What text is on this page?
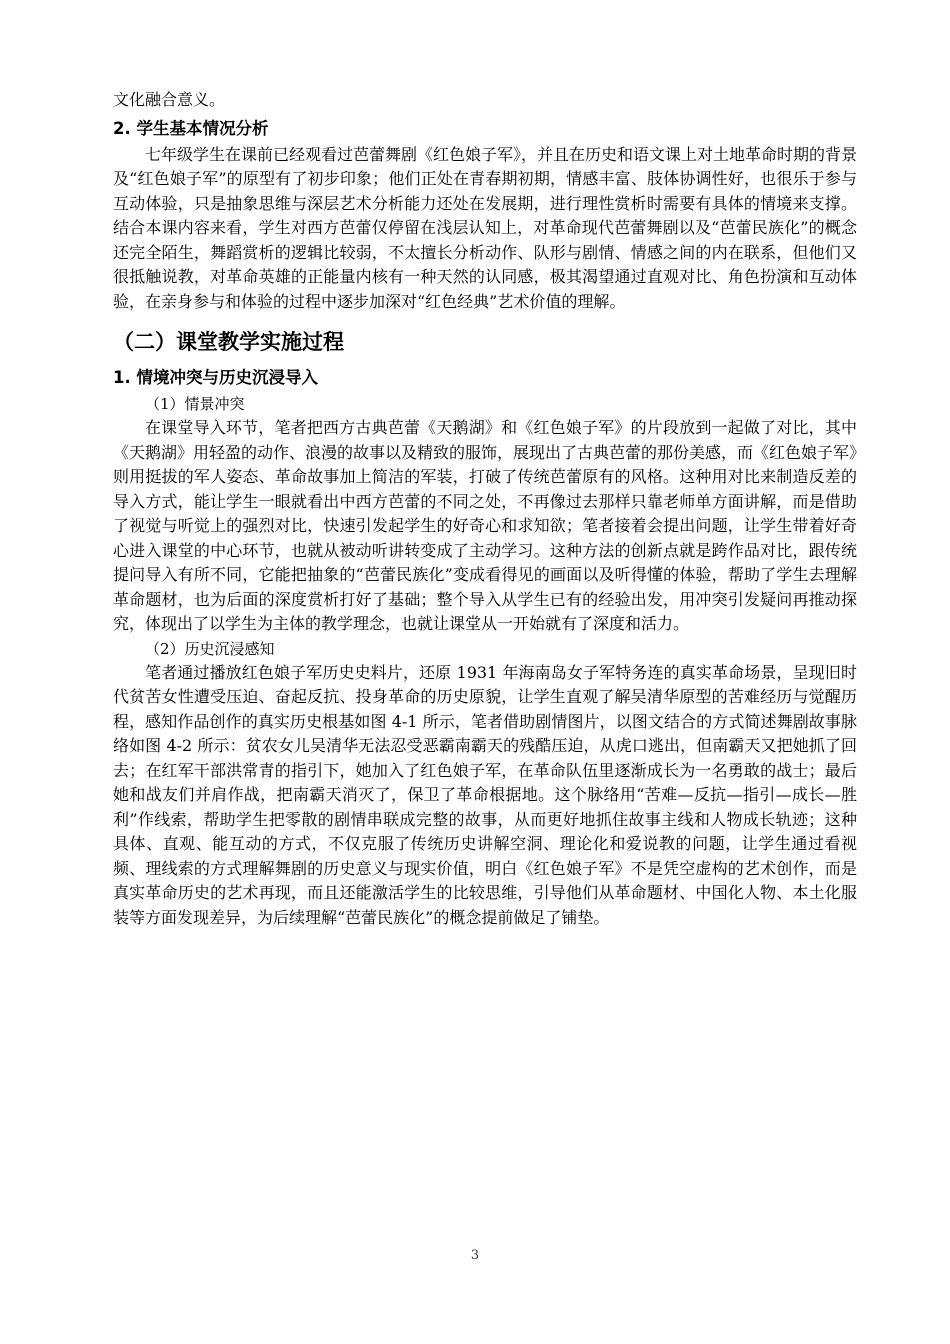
文化融合意义。

2. 学生基本情况分析

七年级学生在课前已经观看过芭蕾舞剧《红色娘子军》，并且在历史和语文课上对土地革命时期的背景及“红色娘子军”的原型有了初步印象；他们正处在青春期初期，情感丰富、肢体协调性好，也很乐于参与互动体验，只是抽象思维与深层艺术分析能力还处在发展期，进行理性赏析时需要有具体的情境来支撑。结合本课内容来看，学生对西方芭蕾仅停留在浅层认知上，对革命现代芭蕾舞剧以及“芭蕾民族化”的概念还完全陌生，舞蹈赏析的逻辑比较弱，不太擅长分析动作、队形与剧情、情感之间的内在联系，但他们又很抵触说教，对革命英雄的正能量内核有一种天然的认同感，极其渴望通过直观对比、角色扮演和互动体验，在亲身参与和体验的过程中逐步加深对“红色经典”艺术价值的理解。

（二）课堂教学实施过程
1. 情境冲突与历史沉浸导入

（1）情景冲突

在课堂导入环节，笔者把西方古典芭蕾《天鹅湖》和《红色娘子军》的片段放到一起做了对比，其中《天鹅湖》用轻盈的动作、浪漫的故事以及精致的服饰，展现出了古典芭蕾的那份美感，而《红色娘子军》则用挺拔的军人姿态、革命故事加上简洁的军装，打破了传统芭蕾原有的风格。这种用对比来制造反差的导入方式，能让学生一眼就看出中西方芭蕾的不同之处，不再像过去那样只靠老师单方面讲解，而是借助了视觉与听觉上的强烈对比，快速引发起学生的好奇心和求知欲；笔者接着会提出问题，让学生带着好奇心进入课堂的中心环节，也就从被动听讲转变成了主动学习。这种方法的创新点就是跨作品对比，跟传统提问导入有所不同，它能把抽象的“芭蕾民族化”变成看得见的画面以及听得懂的体验，帮助了学生去理解革命题材，也为后面的深度赏析打好了基础；整个导入从学生已有的经验出发，用冲突引发疑问再推动探究，体现出了以学生为主体的教学理念，也就让课堂从一开始就有了深度和活力。

（2）历史沉浸感知

笔者通过播放红色娘子军历史史料片，还原 1931 年海南岛女子军特务连的真实革命场景，呈现旧时代贫苦女性遭受压迫、奋起反抗、投身革命的历史原貌，让学生直观了解吴清华原型的苦难经历与觉醒历程，感知作品创作的真实历史根基如图 4-1 所示，笔者借助剧情图片，以图文结合的方式简述舞剧故事脉络如图 4-2 所示：贫农女儿吴清华无法忍受恶霸南霸天的残酷压迫，从虎口逃出，但南霸天又把她抓了回去；在红军干部洪常青的指引下，她加入了红色娘子军，在革命队伍里逐渐成长为一名勇敢的战士；最后她和战友们并肩作战，把南霸天消灭了，保卫了革命根据地。这个脉络用“苦难—反抗—指引—成长—胜利”作线索，帮助学生把零散的剧情串联成完整的故事，从而更好地抓住故事主线和人物成长轨迹；这种具体、直观、能互动的方式，不仅克服了传统历史讲解空洞、理论化和爱说教的问题，让学生通过看视频、理线索的方式理解舞剧的历史意义与现实价值，明白《红色娘子军》不是凭空虚构的艺术创作，而是真实革命历史的艺术再现，而且还能激活学生的比较思维，引导他们从革命题材、中国化人物、本土化服装等方面发现差异，为后续理解“芭蕾民族化”的概念提前做足了铺垫。

3
